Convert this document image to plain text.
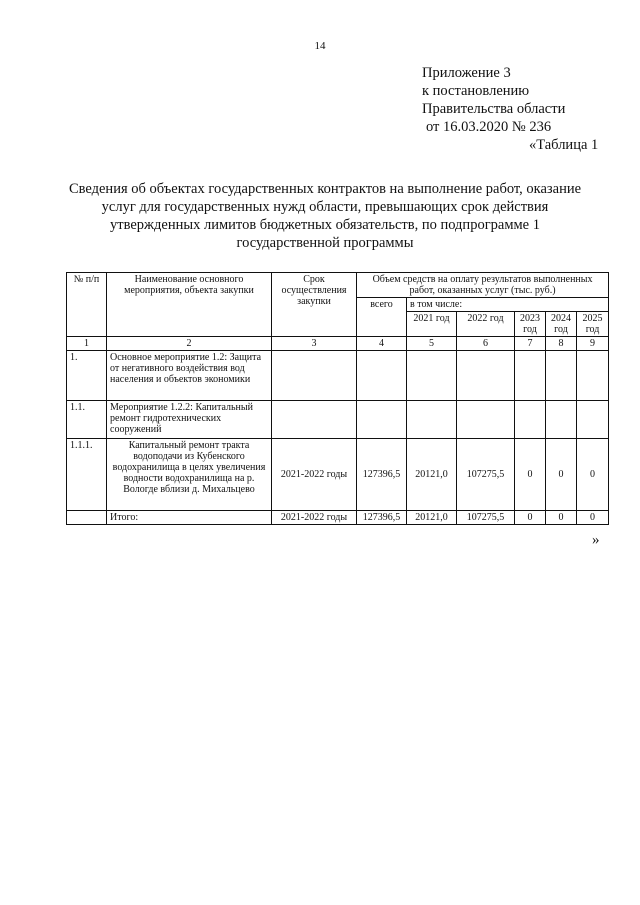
14
Приложение 3
к постановлению
Правительства области
от 16.03.2020 № 236
«Таблица 1
Сведения об объектах государственных контрактов на выполнение работ, оказание услуг для государственных нужд области, превышающих срок действия утвержденных лимитов бюджетных обязательств, по подпрограмме 1 государственной программы
№ п/п	Наименование основного мероприятия, объекта закупки	Срок осуществления закупки	Объем средств на оплату результатов выполненных работ, оказанных услуг (тыс. руб.)					
			всего	в том числе:				
				2021 год	2022 год	2023 год	2024 год	2025 год
1	2	3	4	5	6	7	8	9
1.	Основное мероприятие 1.2: Защита от негативного воздействия вод населения и объектов экономики							
1.1.	Мероприятие 1.2.2: Капитальный ремонт гидротехнических сооружений							
1.1.1.	Капитальный ремонт тракта водоподачи из Кубенского водохранилища в целях увеличения водности водохранилища на р. Вологде вблизи д. Михальцево	2021-2022 годы	127396,5	20121,0	107275,5	0	0	0
	Итого:	2021-2022 годы	127396,5	20121,0	107275,5	0	0	0
»
